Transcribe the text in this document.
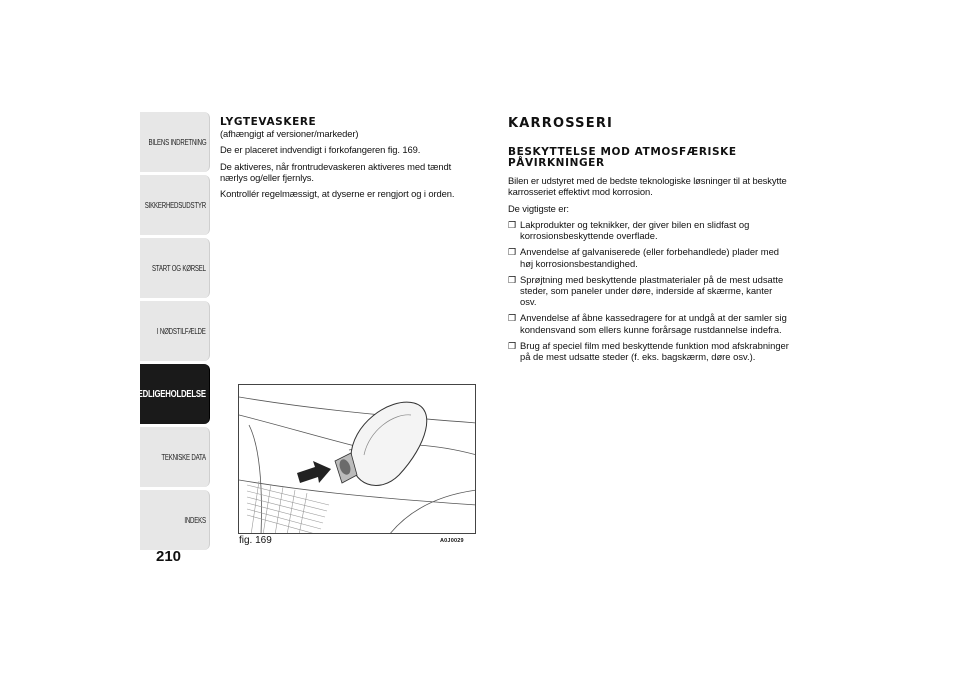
BILENS INDRETNING
SIKKERHEDSUDSTYR
START OG KØRSEL
I NØDSTILFÆLDE
VEDLIGEHOLDELSE
TEKNISKE DATA
INDEKS
210
LYGTEVASKERE

(afhængigt af versioner/markeder)

De er placeret indvendigt i forkofangeren fig. 169.

De aktiveres, når frontrudevaskeren aktiveres med tændt nærlys og/eller fjernlys.

Kontrollér regelmæssigt, at dyserne er rengjort og i orden.

fig. 169	A0J0029
KARROSSERI
BESKYTTELSE MOD ATMOSFÆRISKE PÅVIRKNINGER

Bilen er udstyret med de bedste teknologiske løsninger til at beskytte karrosseriet effektivt mod korrosion.

De vigtigste er:

❒ Lakprodukter og teknikker, der giver bilen en slidfast og korrosionsbeskyttende overflade.
❒ Anvendelse af galvaniserede (eller forbehandlede) plader med høj korrosionsbestandighed.
❒ Sprøjtning med beskyttende plastmaterialer på de mest udsatte steder, som paneler under døre, inderside af skærme, kanter osv.
❒ Anvendelse af åbne kassedragere for at undgå at der samler sig kondensvand som ellers kunne forårsage rustdannelse indefra.
❒ Brug af speciel film med beskyttende funktion mod afskrabninger på de mest udsatte steder (f. eks. bagskærm, døre osv.).
